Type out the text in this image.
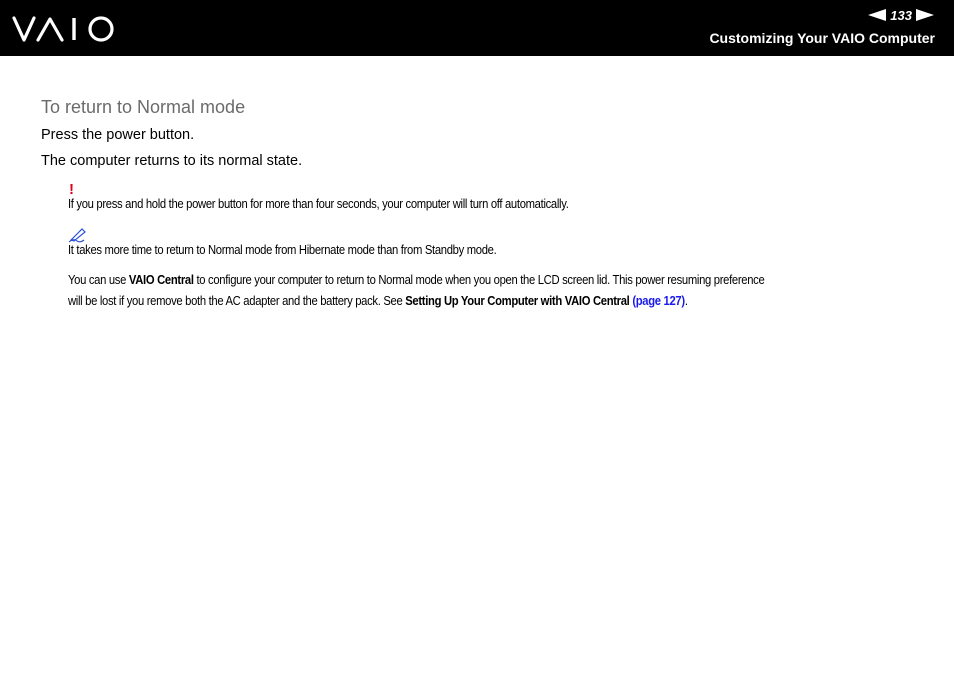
133
Customizing Your VAIO Computer
To return to Normal mode
Press the power button.
The computer returns to its normal state.
!
If you press and hold the power button for more than four seconds, your computer will turn off automatically.
It takes more time to return to Normal mode from Hibernate mode than from Standby mode.
You can use VAIO Central to configure your computer to return to Normal mode when you open the LCD screen lid. This power resuming preference
will be lost if you remove both the AC adapter and the battery pack. See Setting Up Your Computer with VAIO Central (page 127).
